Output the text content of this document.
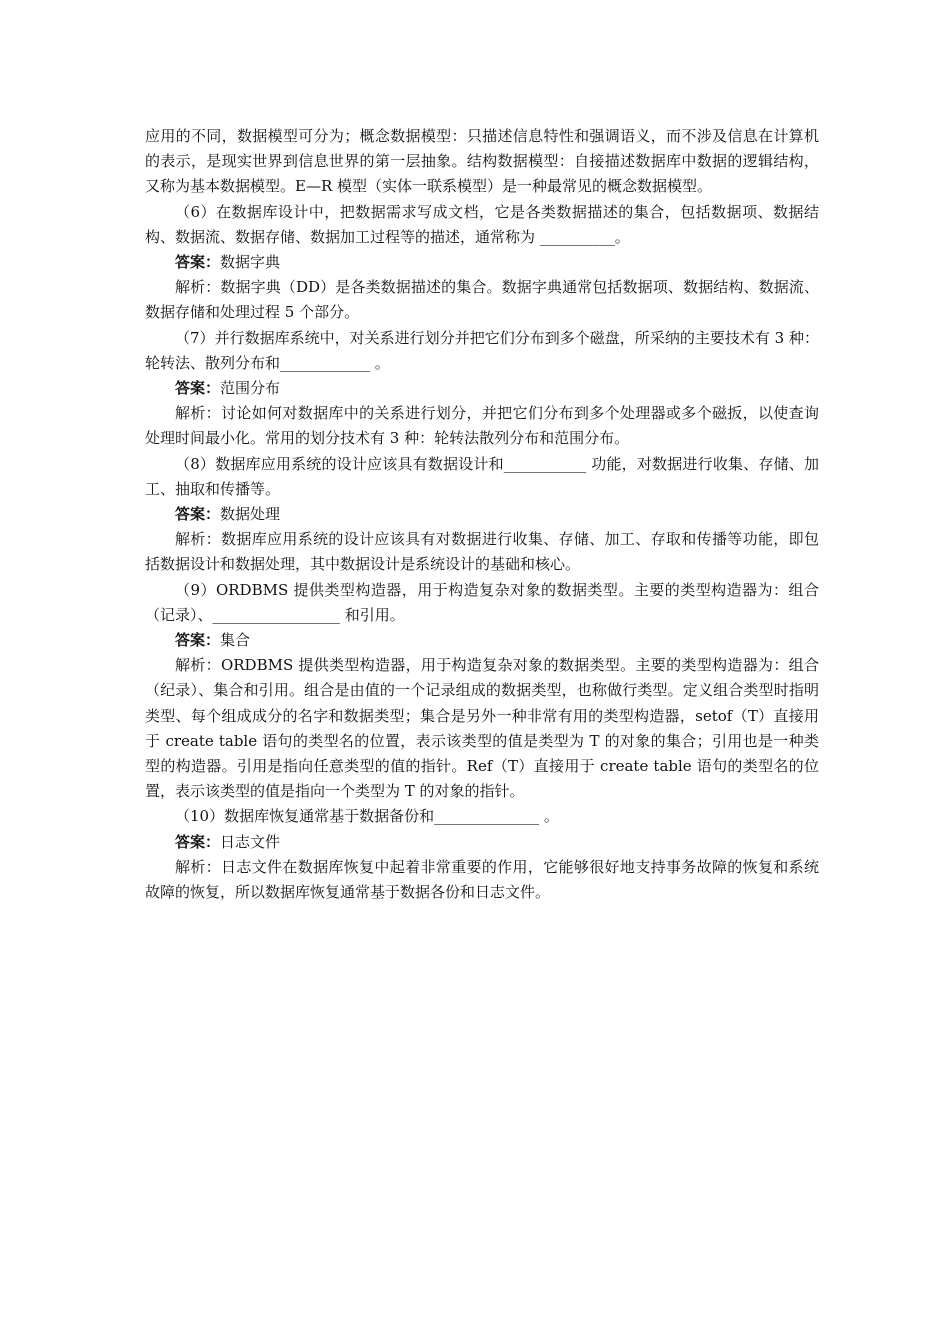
应用的不同，数据模型可分为；概念数据模型：只描述信息特性和强调语义，而不涉及信息在计算机的表示，是现实世界到信息世界的第一层抽象。结构数据模型：自接描述数据库中数据的逻辑结构，又称为基本数据模型。E—R 模型（实体一联系模型）是一种最常见的概念数据模型。

（6）在数据库设计中，把数据需求写成文档，它是各类数据描述的集合，包括数据项、数据结构、数据流、数据存储、数据加工过程等的描述，通常称为 __________。

答案：数据字典

解析：数据字典（DD）是各类数据描述的集合。数据字典通常包括数据项、数据结构、数据流、数据存储和处理过程 5 个部分。

（7）并行数据库系统中，对关系进行划分并把它们分布到多个磁盘，所采纳的主要技术有 3 种：轮转法、散列分布和____________ 。

答案：范围分布

解析：讨论如何对数据库中的关系进行划分，并把它们分布到多个处理器或多个磁扳，以使查询处理时间最小化。常用的划分技术有 3 种：轮转法散列分布和范围分布。

（8）数据库应用系统的设计应该具有数据设计和___________ 功能，对数据进行收集、存储、加工、抽取和传播等。

答案：数据处理

解析：数据库应用系统的设计应该具有对数据进行收集、存储、加工、存取和传播等功能，即包括数据设计和数据处理，其中数据设计是系统设计的基础和核心。

（9）ORDBMS 提供类型构造器，用于构造复杂对象的数据类型。主要的类型构造器为：组合（记录）、_________________ 和引用。

答案：集合

解析：ORDBMS 提供类型构造器，用于构造复杂对象的数据类型。主要的类型构造器为：组合（纪录）、集合和引用。组合是由值的一个记录组成的数据类型，也称做行类型。定义组合类型时指明类型、每个组成成分的名字和数据类型；集合是另外一种非常有用的类型构造器，setof（T）直接用于 create table 语句的类型名的位置，表示该类型的值是类型为 T 的对象的集合；引用也是一种类型的构造器。引用是指向任意类型的值的指针。Ref（T）直接用于 create table 语句的类型名的位置，表示该类型的值是指向一个类型为 T 的对象的指针。

（10）数据库恢复通常基于数据备份和______________ 。

答案：日志文件

解析：日志文件在数据库恢复中起着非常重要的作用，它能够很好地支持事务故障的恢复和系统故障的恢复，所以数据库恢复通常基于数据各份和日志文件。
